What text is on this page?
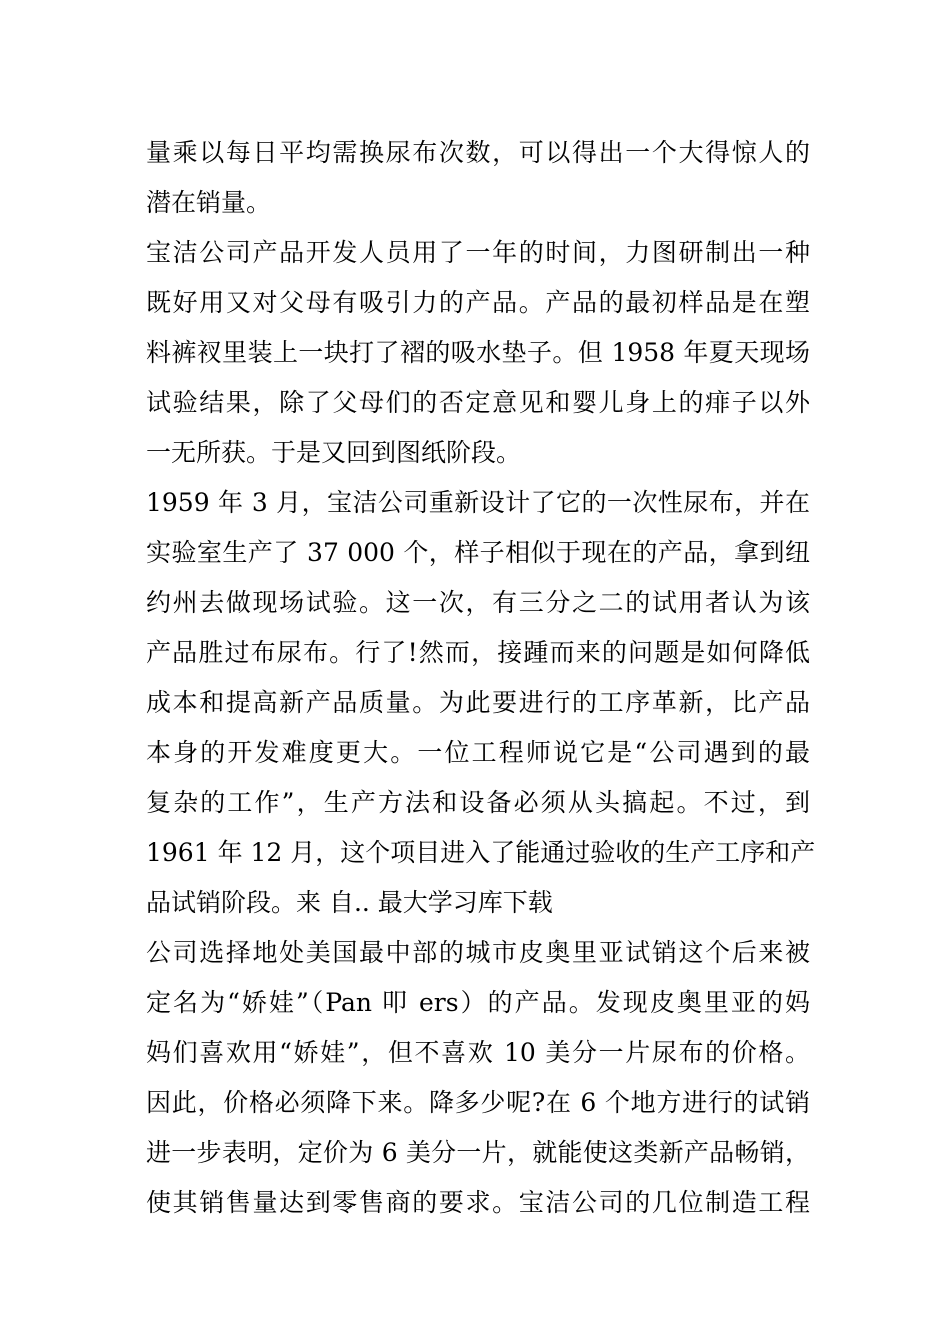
量乘以每日平均需换尿布次数，可以得出一个大得惊人的
潜在销量。
宝洁公司产品开发人员用了一年的时间，力图研制出一种
既好用又对父母有吸引力的产品。产品的最初样品是在塑
料裤衩里装上一块打了褶的吸水垫子。但 1958 年夏天现场
试验结果，除了父母们的否定意见和婴儿身上的痱子以外
一无所获。于是又回到图纸阶段。
1959 年 3 月，宝洁公司重新设计了它的一次性尿布，并在
实验室生产了 37 000 个，样子相似于现在的产品，拿到纽
约州去做现场试验。这一次，有三分之二的试用者认为该
产品胜过布尿布。行了!然而，接踵而来的问题是如何降低
成本和提高新产品质量。为此要进行的工序革新，比产品
本身的开发难度更大。一位工程师说它是“公司遇到的最
复杂的工作”，生产方法和设备必须从头搞起。不过，到
1961 年 12 月，这个项目进入了能通过验收的生产工序和产
品试销阶段。来 自.. 最大学习库下载
公司选择地处美国最中部的城市皮奥里亚试销这个后来被
定名为“娇娃”（Pan 叩 ers）的产品。发现皮奥里亚的妈
妈们喜欢用“娇娃”，但不喜欢 10 美分一片尿布的价格。
因此，价格必须降下来。降多少呢?在 6 个地方进行的试销
进一步表明，定价为 6 美分一片，就能使这类新产品畅销，
使其销售量达到零售商的要求。宝洁公司的几位制造工程
